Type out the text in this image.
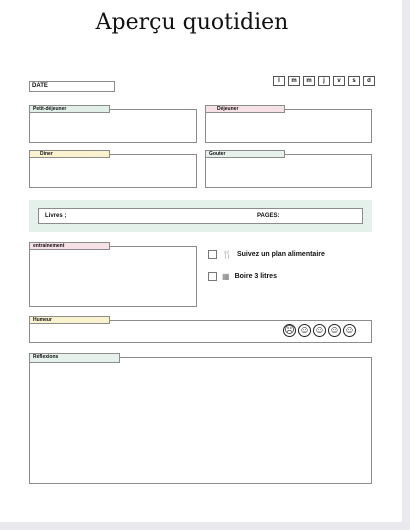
Aperçu quotidien
DATE
l	m	m	j	v	s	d
Petit-déjeuner	Déjeuner
Diner	Gouter
Livres ;	PAGES:
entrainement
🍴 Suivez un plan alimentaire
▦ Boire 3 litres
Humeur
☹ ☺ ☺ ☺ ☺
Réflexions
